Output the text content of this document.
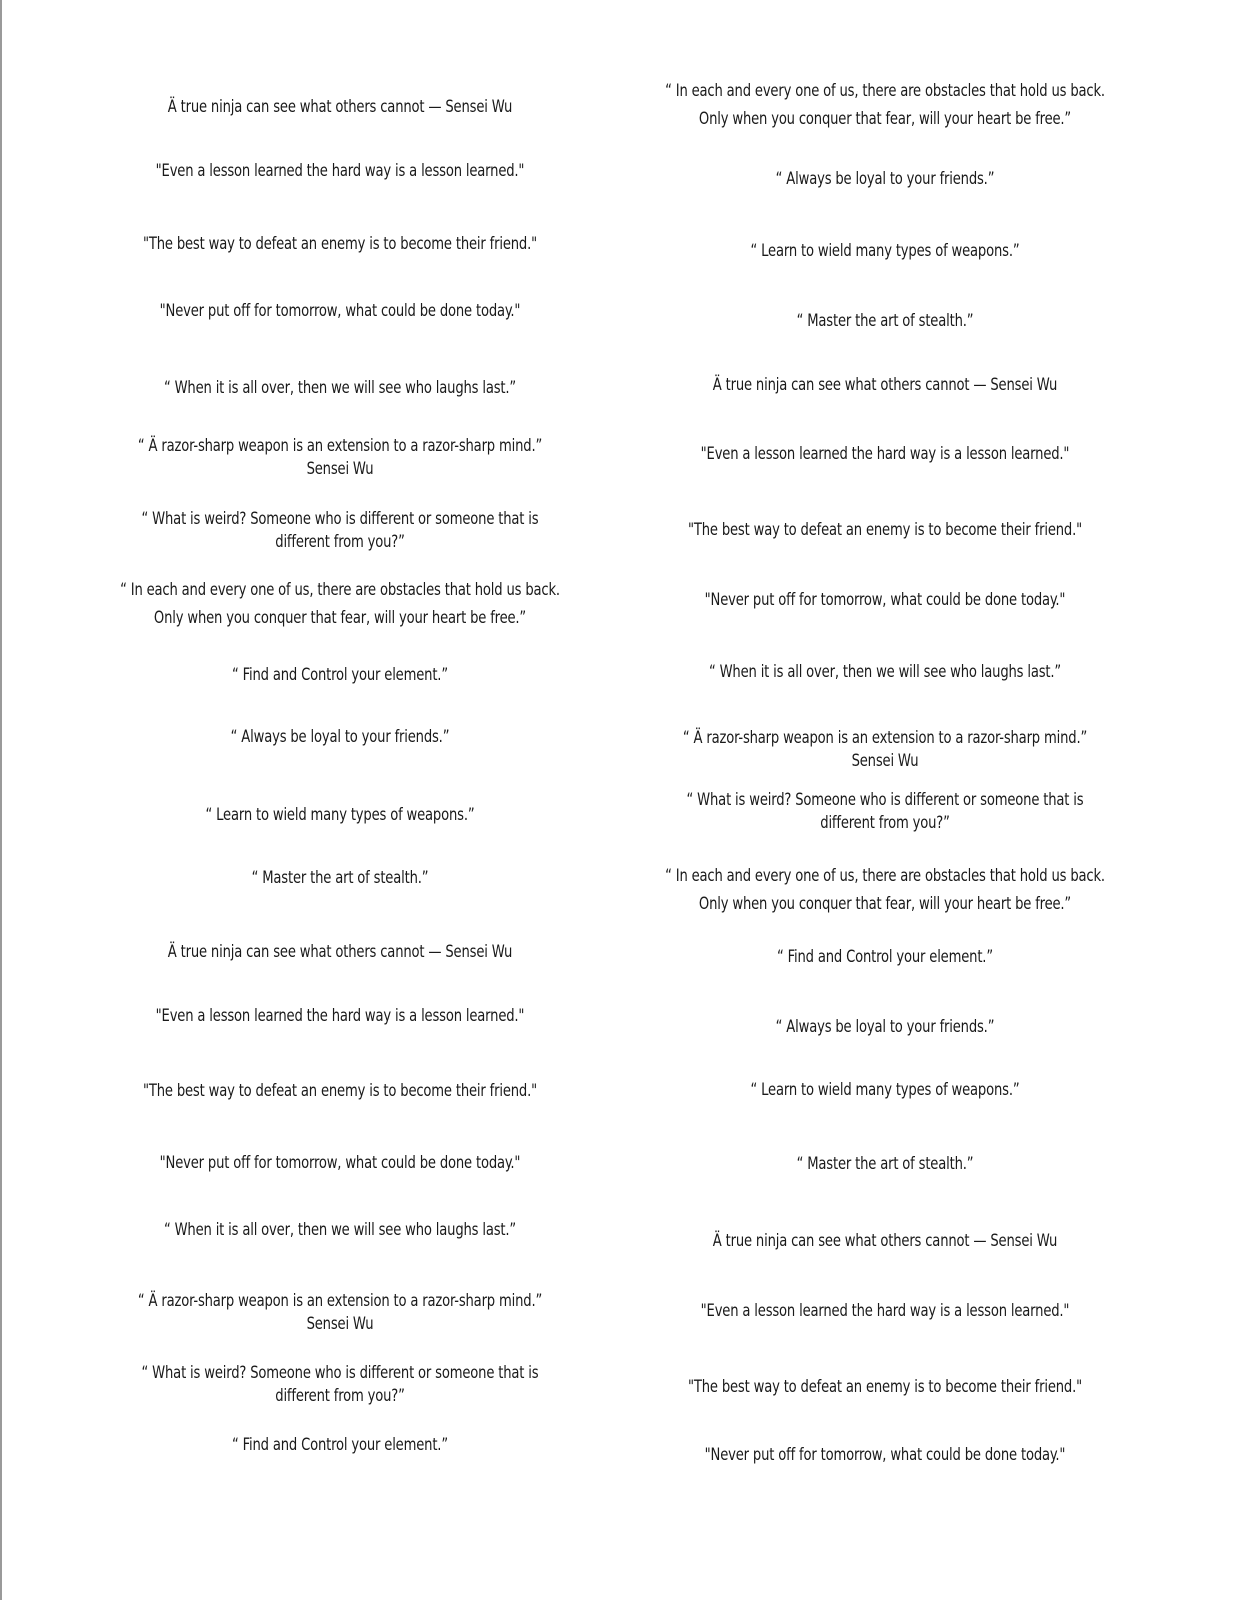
Ä true ninja can see what others cannot — Sensei Wu
"Even a lesson learned the hard way is a lesson learned."
"The best way to defeat an enemy is to become their friend."
"Never put off for tomorrow, what could be done today."
“ When it is all over, then we will see who laughs last.”
“ Ä razor-sharp weapon is an extension to a razor-sharp mind.”
Sensei Wu
“ What is weird? Someone who is different or someone that is
different from you?”
“ In each and every one of us, there are obstacles that hold us back.
Only when you conquer that fear, will your heart be free.”
“ Find and Control your element.”
“ Always be loyal to your friends.”
“ Learn to wield many types of weapons.”
“ Master the art of stealth.”
Ä true ninja can see what others cannot — Sensei Wu
"Even a lesson learned the hard way is a lesson learned."
"The best way to defeat an enemy is to become their friend."
"Never put off for tomorrow, what could be done today."
“ When it is all over, then we will see who laughs last.”
“ Ä razor-sharp weapon is an extension to a razor-sharp mind.”
Sensei Wu
“ What is weird? Someone who is different or someone that is
different from you?”
“ Find and Control your element.”
“ In each and every one of us, there are obstacles that hold us back.
Only when you conquer that fear, will your heart be free.”
“ Always be loyal to your friends.”
“ Learn to wield many types of weapons.”
“ Master the art of stealth.”
Ä true ninja can see what others cannot — Sensei Wu
"Even a lesson learned the hard way is a lesson learned."
"The best way to defeat an enemy is to become their friend."
"Never put off for tomorrow, what could be done today."
“ When it is all over, then we will see who laughs last.”
“ Ä razor-sharp weapon is an extension to a razor-sharp mind.”
Sensei Wu
“ What is weird? Someone who is different or someone that is
different from you?”
“ In each and every one of us, there are obstacles that hold us back.
Only when you conquer that fear, will your heart be free.”
“ Find and Control your element.”
“ Always be loyal to your friends.”
“ Learn to wield many types of weapons.”
“ Master the art of stealth.”
Ä true ninja can see what others cannot — Sensei Wu
"Even a lesson learned the hard way is a lesson learned."
"The best way to defeat an enemy is to become their friend."
"Never put off for tomorrow, what could be done today."
